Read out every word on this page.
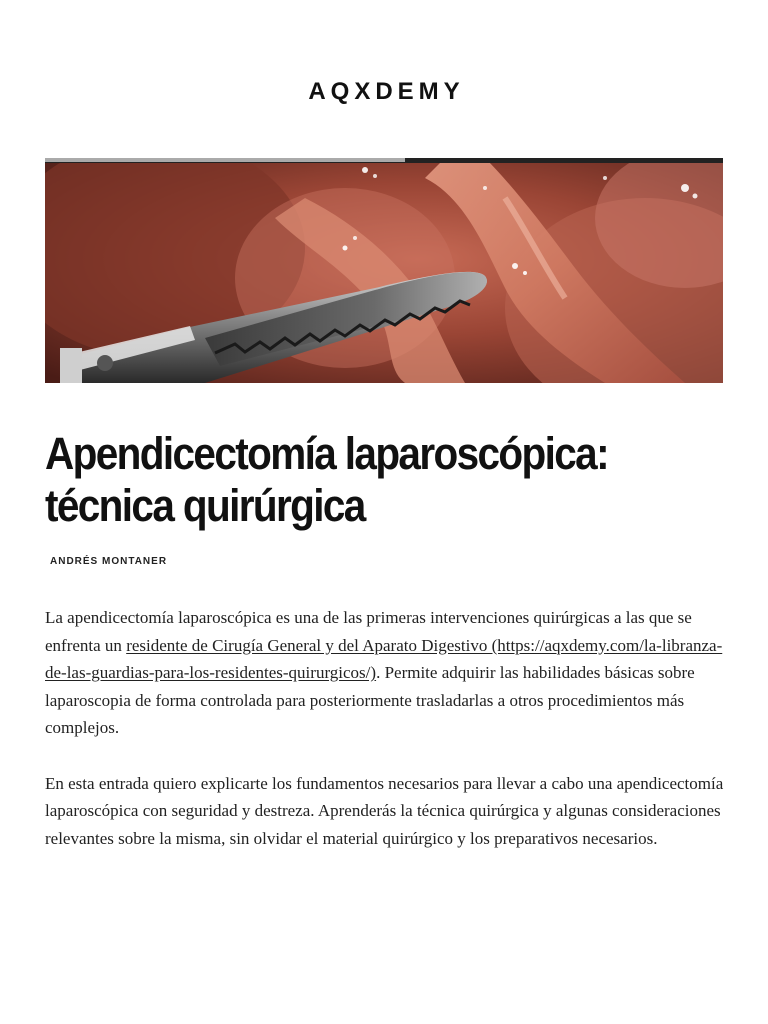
AQXDEMY
Apendicectomía laparoscópica:
técnica quirúrgica
ANDRÉS MONTANER

La apendicectomía laparoscópica es una de las primeras intervenciones quirúrgicas a las que se enfrenta un residente de Cirugía General y del Aparato Digestivo (https://aqxdemy.com/la-libranza-de-las-guardias-para-los-residentes-quirurgicos/). Permite adquirir las habilidades básicas sobre laparoscopia de forma controlada para posteriormente trasladarlas a otros procedimientos más complejos.

En esta entrada quiero explicarte los fundamentos necesarios para llevar a cabo una apendicectomía laparoscópica con seguridad y destreza. Aprenderás la técnica quirúrgica y algunas consideraciones relevantes sobre la misma, sin olvidar el material quirúrgico y los preparativos necesarios.
